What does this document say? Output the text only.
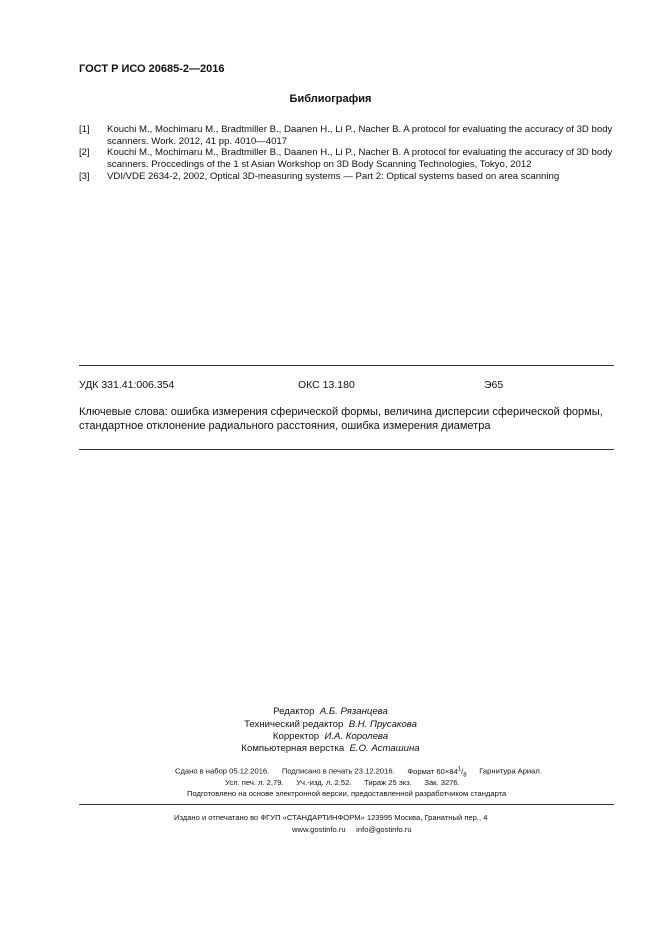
ГОСТ Р ИСО 20685-2—2016
Библиография
[1] Kouchi M., Mochimaru M., Bradtmiller B., Daanen H., Li P., Nacher B. A protocol for evaluating the accuracy of 3D body scanners. Work. 2012, 41 pp. 4010—4017
[2] Kouchi M., Mochimaru M., Bradtmiller B., Daanen H., Li P., Nacher B. A protocol for evaluating the accuracy of 3D body scanners. Proccedings of the 1 st Asian Workshop on 3D Body Scanning Technologies, Tokyo, 2012
[3] VDI/VDE 2634-2, 2002, Optical 3D-measuring systems — Part 2: Optical systems based on area scanning
УДК 331.41:006.354	ОКС 13.180	Э65
Ключевые слова: ошибка измерения сферической формы, величина дисперсии сферической формы, стандартное отклонение радиального расстояния, ошибка измерения диаметра
Редактор А.Б. Рязанцева
Технический редактор В.Н. Прусакова
Корректор И.А. Королева
Компьютерная верстка Е.О. Асташина
Сдано в набор 05.12.2016. Подписано в печать 23.12.2016. Формат $60\times 84^1/_8$ Гарнитура Ариал.
Усл. печ. л. 2,79. Уч.-изд. л. 2,52. Тираж 25 экз. Зак. 3276.
Подготовлено на основе электронной версии, предоставленной разработчиком стандарта
Издано и отпечатано во ФГУП «СТАНДАРТИНФОРМ» 123995 Москва, Гранатный пер., 4
www.gostinfo.ru info@gostinfo.ru
